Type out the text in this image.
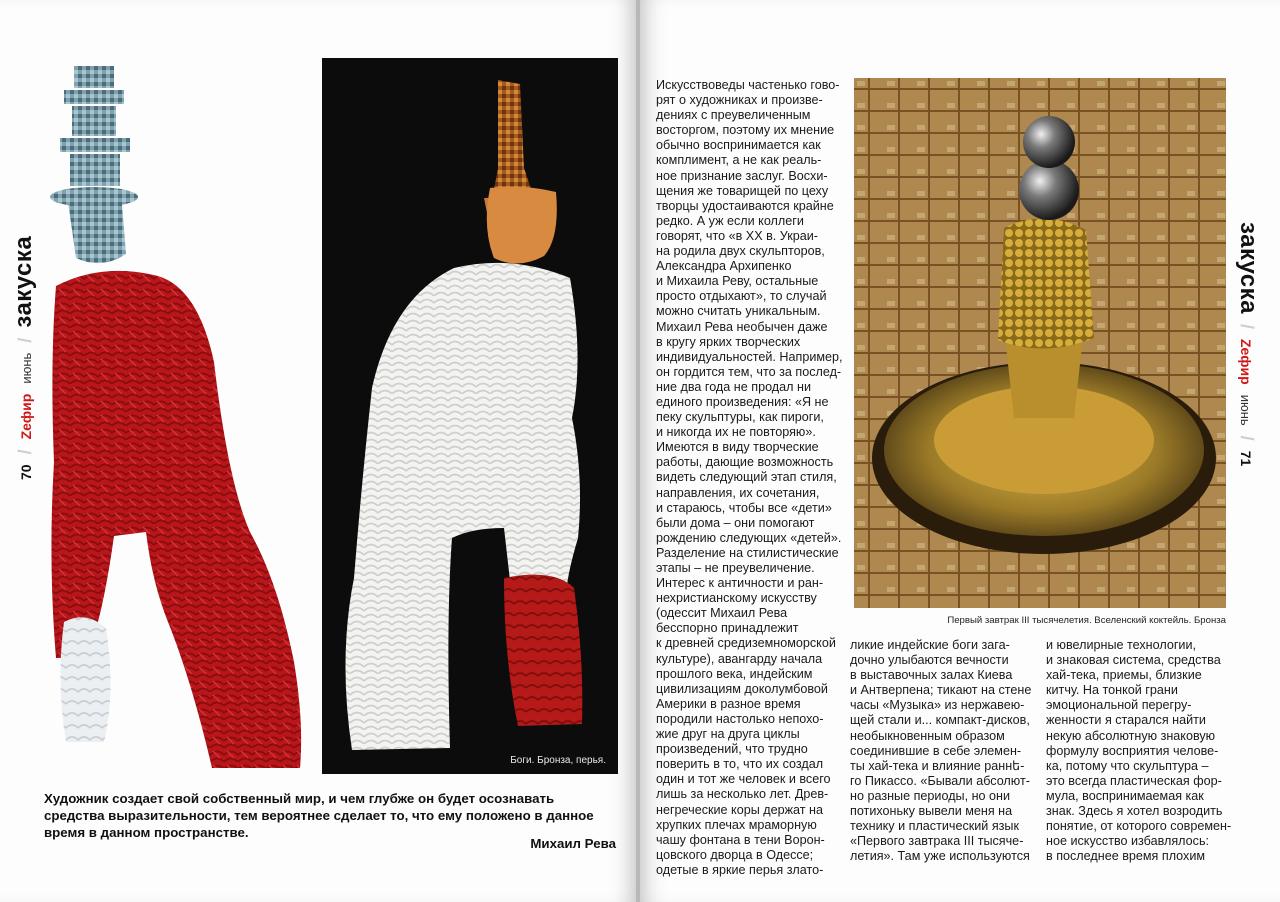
70
/
Zефир
июнь
/
закуска
Боги. Бронза, перья.
Художник создает свой собственный мир, и чем глубже он будет осознавать средства выразительности, тем вероятнее сделает то, что ему положено в данное время в данном пространстве.
Михаил Рева
Искусствоведы частенько гово-
рят о художниках и произве-
дениях с преувеличенным
восторгом, поэтому их мнение
обычно воспринимается как
комплимент, а не как реаль-
ное признание заслуг. Восхи-
щения же товарищей по цеху
творцы удостаиваются крайне
редко. А уж если коллеги
говорят, что «в XX в. Украи-
на родила двух скульпторов,
Александра Архипенко
и Михаила Реву, остальные
просто отдыхают», то случай
можно считать уникальным.
Михаил Рева необычен даже
в кругу ярких творческих
индивидуальностей. Например,
он гордится тем, что за послед-
ние два года не продал ни
единого произведения: «Я не
пеку скульптуры, как пироги,
и никогда их не повторяю».
Имеются в виду творческие
работы, дающие возможность
видеть следующий этап стиля,
направления, их сочетания,
и стараюсь, чтобы все «дети»
были дома – они помогают
рождению следующих «детей».
Разделение на стилистические
этапы – не преувеличение.
Интерес к античности и ран-
нехристианскому искусству
(одессит Михаил Рева
бесспорно принадлежит
к древней средиземноморской
культуре), авангарду начала
прошлого века, индейским
цивилизациям доколумбовой
Америки в разное время
породили настолько непохо-
жие друг на друга циклы
произведений, что трудно
поверить в то, что их создал
один и тот же человек и всего
лишь за несколько лет. Древ-
негреческие коры держат на
хрупких плечах мраморную
чашу фонтана в тени Ворон-
цовского дворца в Одессе;
одетые в яркие перья злато-
Первый завтрак III тысячелетия. Вселенский коктейль. Бронза
ликие индейские боги зага-
дочно улыбаются вечности
в выставочных залах Киева
и Антверпена; тикают на стене
часы «Музыка» из нержавею-
щей стали и... компакт-дисков,
необыкновенным образом
соединившие в себе элемен-
ты хай-тека и влияние раннե-
го Пикассо. «Бывали абсолют-
но разные периоды, но они
потихоньку вывели меня на
технику и пластический язык
«Первого завтрака III тысяче-
летия». Там уже используются
и ювелирные технологии,
и знаковая система, средства
хай-тека, приемы, близкие
китчу. На тонкой грани
эмоциональной перегру-
женности я старался найти
некую абсолютную знаковую
формулу восприятия челове-
ка, потому что скульптура –
это всегда пластическая фор-
мула, воспринимаемая как
знак. Здесь я хотел возродить
понятие, от которого современ-
ное искусство избавлялось:
в последнее время плохим
закуска
/
Zефир
июнь
/
71
